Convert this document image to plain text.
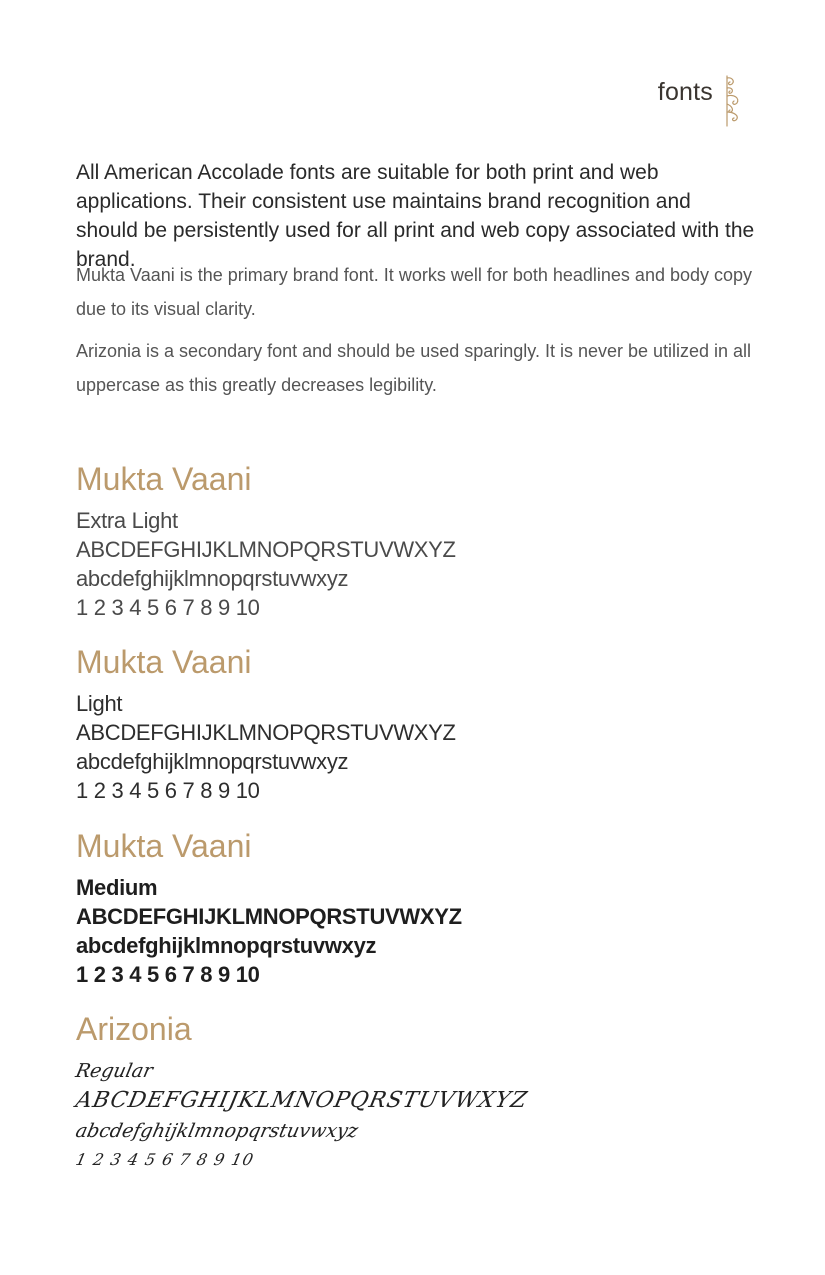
fonts
All American Accolade fonts are suitable for both print and web applications. Their consistent use maintains brand recognition and should be persistently used for all print and web copy associated with the brand.
Mukta Vaani is the primary brand font. It works well for both headlines and body copy due to its visual clarity.
Arizonia is a secondary font and should be used sparingly. It is never be utilized in all uppercase as this greatly decreases legibility.
Mukta Vaani
Extra Light
ABCDEFGHIJKLMNOPQRSTUVWXYZ
abcdefghijklmnopqrstuvwxyz
1 2 3 4 5 6 7 8 9 10
Mukta Vaani
Light
ABCDEFGHIJKLMNOPQRSTUVWXYZ
abcdefghijklmnopqrstuvwxyz
1 2 3 4 5 6 7 8 9 10
Mukta Vaani
Medium
ABCDEFGHIJKLMNOPQRSTUVWXYZ
abcdefghijklmnopqrstuvwxyz
1 2 3 4 5 6 7 8 9 10
Arizonia
Regular
ABCDEFGHIJKLMNOPQRSTUVWXYZ
abcdefghijklmnopqrstuvwxyz
1 2 3 4 5 6 7 8 9 10
